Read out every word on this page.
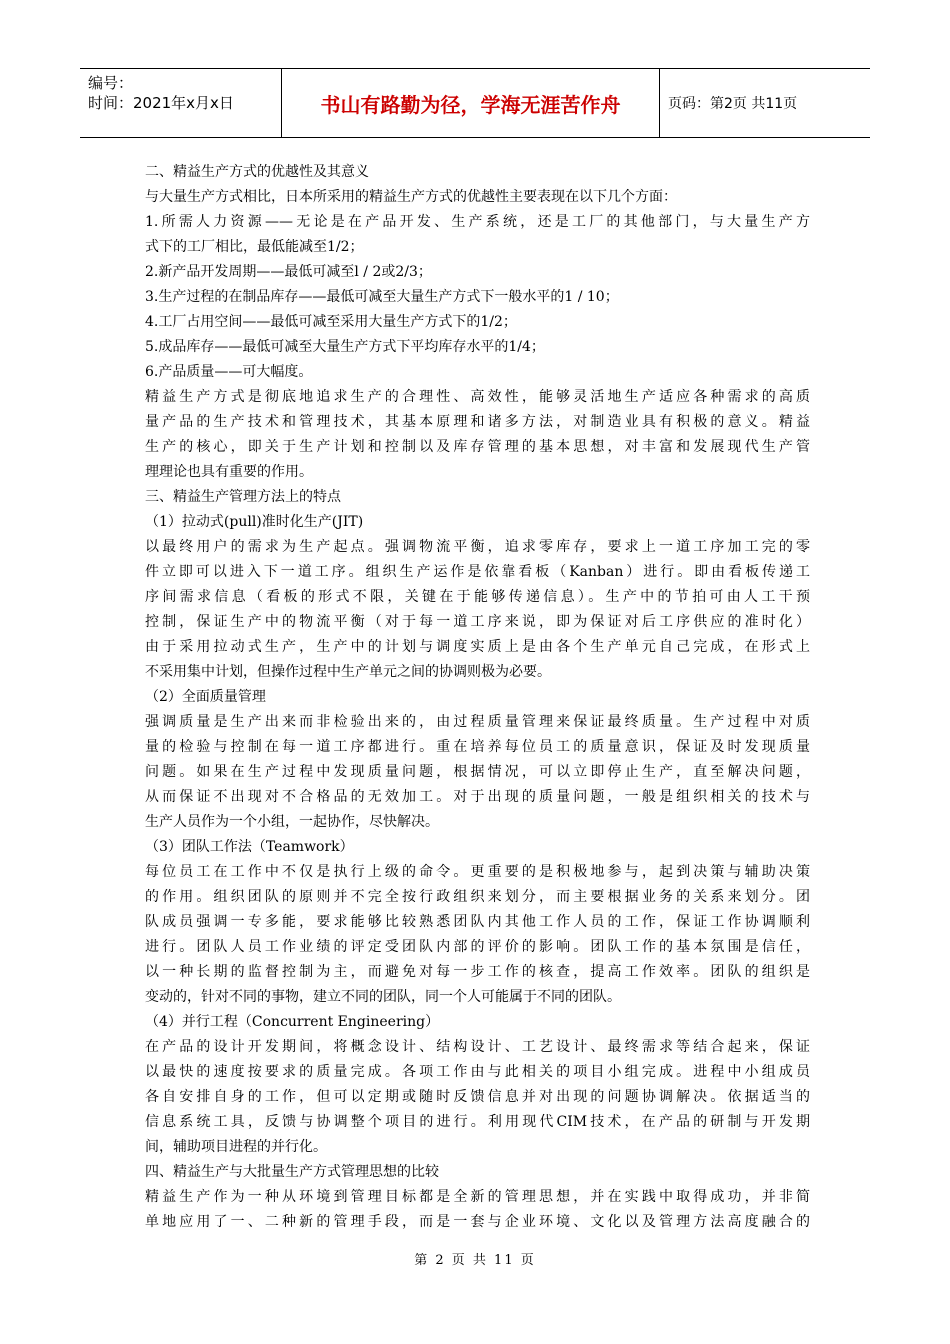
编号：
时间：2021年x月x日	书山有路勤为径，学海无涯苦作舟	页码：第2页 共11页
二、精益生产方式的优越性及其意义
与大量生产方式相比，日本所采用的精益生产方式的优越性主要表现在以下几个方面：
1.所需人力资源——无论是在产品开发、生产系统，还是工厂的其他部门，与大量生产方
式下的工厂相比，最低能减至1/2；
2.新产品开发周期——最低可减至l / 2或2/3；
3.生产过程的在制品库存——最低可减至大量生产方式下一般水平的1 / 10；
4.工厂占用空间——最低可减至采用大量生产方式下的1/2；
5.成品库存——最低可减至大量生产方式下平均库存水平的1/4；
6.产品质量——可大幅度。
精益生产方式是彻底地追求生产的合理性、高效性，能够灵活地生产适应各种需求的高质
量产品的生产技术和管理技术，其基本原理和诸多方法，对制造业具有积极的意义。精益
生产的核心，即关于生产计划和控制以及库存管理的基本思想，对丰富和发展现代生产管
理理论也具有重要的作用。
三、精益生产管理方法上的特点
（1）拉动式(pull)准时化生产(JIT)
以最终用户的需求为生产起点。强调物流平衡，追求零库存，要求上一道工序加工完的零
件立即可以进入下一道工序。组织生产运作是依靠看板（Kanban）进行。即由看板传递工
序间需求信息（看板的形式不限，关键在于能够传递信息）。生产中的节拍可由人工干预
控制，保证生产中的物流平衡（对于每一道工序来说，即为保证对后工序供应的准时化）
由于采用拉动式生产，生产中的计划与调度实质上是由各个生产单元自己完成，在形式上
不采用集中计划，但操作过程中生产单元之间的协调则极为必要。
（2）全面质量管理
强调质量是生产出来而非检验出来的，由过程质量管理来保证最终质量。生产过程中对质
量的检验与控制在每一道工序都进行。重在培养每位员工的质量意识，保证及时发现质量
问题。如果在生产过程中发现质量问题，根据情况，可以立即停止生产，直至解决问题，
从而保证不出现对不合格品的无效加工。对于出现的质量问题，一般是组织相关的技术与
生产人员作为一个小组，一起协作，尽快解决。
（3）团队工作法（Teamwork）
每位员工在工作中不仅是执行上级的命令。更重要的是积极地参与，起到决策与辅助决策
的作用。组织团队的原则并不完全按行政组织来划分，而主要根据业务的关系来划分。团
队成员强调一专多能，要求能够比较熟悉团队内其他工作人员的工作，保证工作协调顺利
进行。团队人员工作业绩的评定受团队内部的评价的影响。团队工作的基本氛围是信任，
以一种长期的监督控制为主，而避免对每一步工作的核查，提高工作效率。团队的组织是
变动的，针对不同的事物，建立不同的团队，同一个人可能属于不同的团队。
（4）并行工程（Concurrent Engineering）
在产品的设计开发期间，将概念设计、结构设计、工艺设计、最终需求等结合起来，保证
以最快的速度按要求的质量完成。各项工作由与此相关的项目小组完成。进程中小组成员
各自安排自身的工作，但可以定期或随时反馈信息并对出现的问题协调解决。依据适当的
信息系统工具，反馈与协调整个项目的进行。利用现代CIM技术，在产品的研制与开发期
间，辅助项目进程的并行化。
四、精益生产与大批量生产方式管理思想的比较
精益生产作为一种从环境到管理目标都是全新的管理思想，并在实践中取得成功，并非简
单地应用了一、二种新的管理手段，而是一套与企业环境、文化以及管理方法高度融合的
第 2 页 共 11 页
